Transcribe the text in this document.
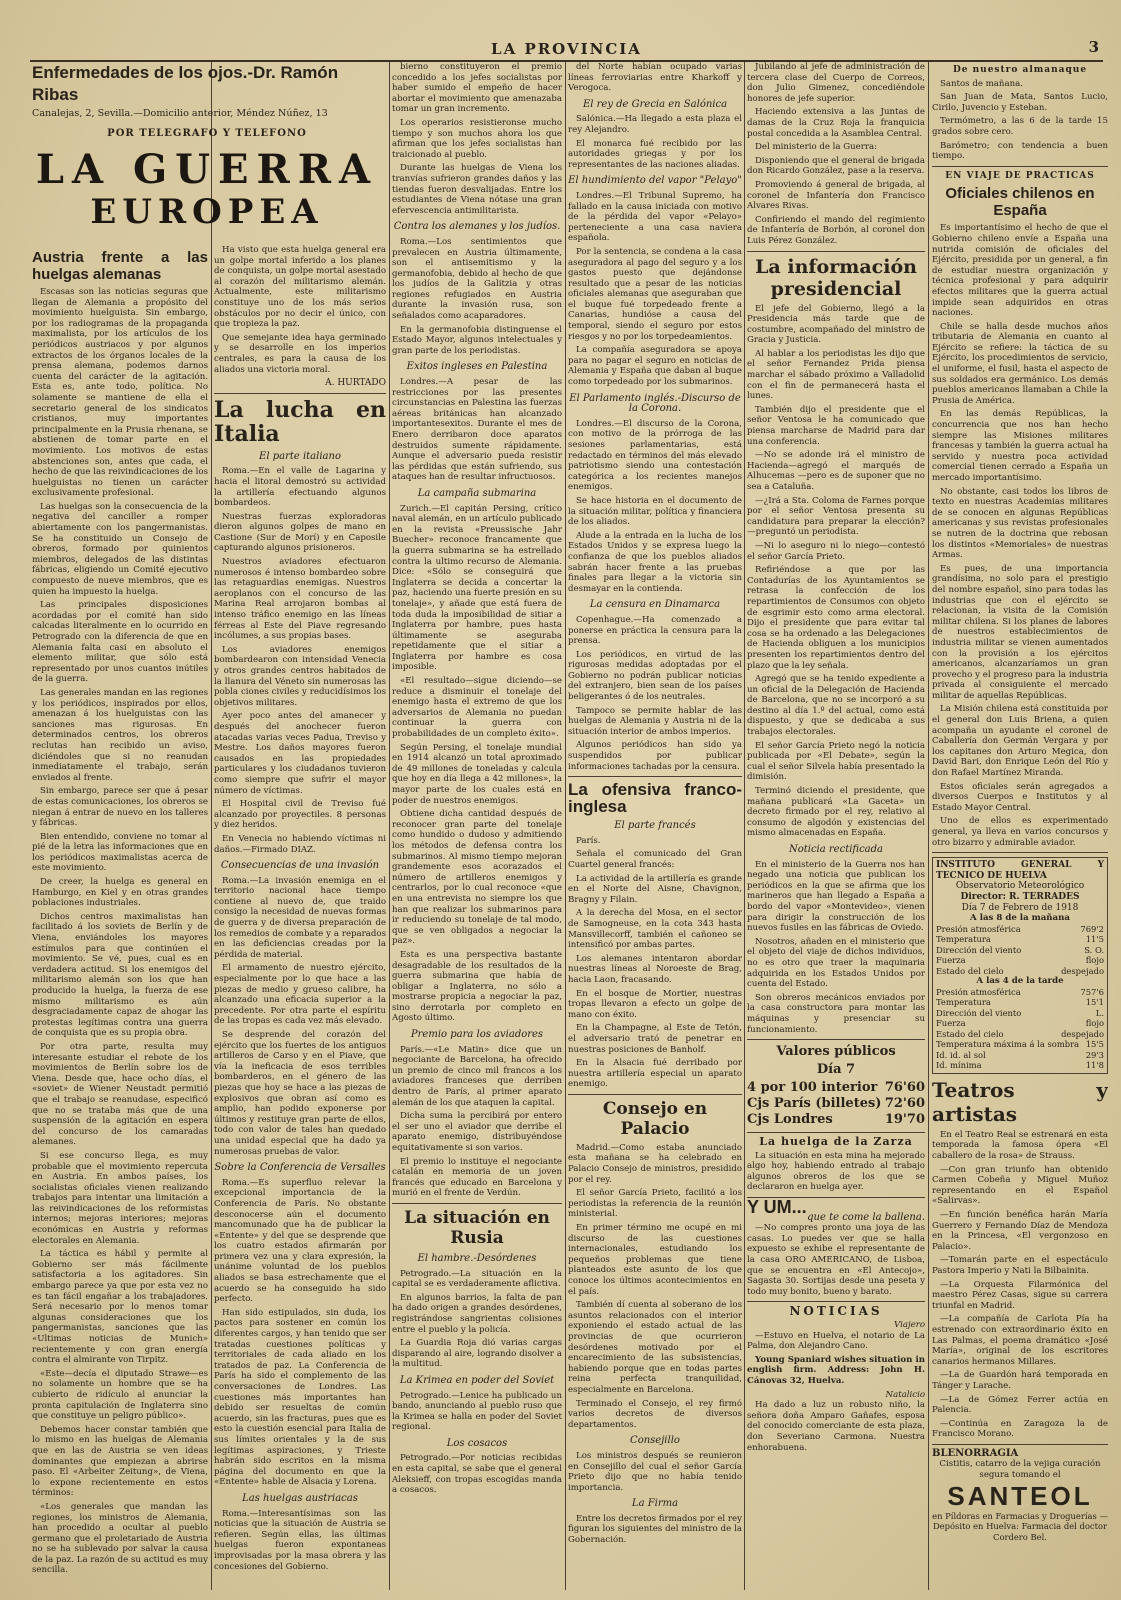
LA PROVINCIA	3
Enfermedades de los ojos.-Dr. Ramón Ribas
Canalejas, 2, Sevilla.—Domicilio anterior, Méndez Núñez, 13
POR TELEGRAFO Y TELEFONO
LA GUERRA
EUROPEA
Austria frente a las huelgas alemanas

Escasas son las noticias seguras que llegan de Alemania a propósito del movimiento huelguista. Sin embargo, por los radiogramas de la propaganda maximalista, por los artículos de los periódicos austriacos y por algunos extractos de los órganos locales de la prensa alemana, podemos darnos cuenta del carácter de la agitación. Esta es, ante todo, política. No solamente se mantiene de ella el secretario general de los sindicatos cristianos, muy importantes principalmente en la Prusia rhenana, se abstienen de tomar parte en el movimiento. Los motivos de estas abstenciones son, antes que cada, el hecho de que las reivindicaciones de los huelguistas no tienen un carácter exclusivamente profesional.

Las huelgas son la consecuencia de la negativa del canciller a romper abiertamente con los pangermanistas. Se ha constituido un Consejo de obreros, formado por quinientos miembros, delegados de las distintas fábricas, eligiendo un Comité ejecutivo compuesto de nueve miembros, que es quien ha impuesto la huelga.

Las principales disposiciones acordadas por el comité han sido calcadas literalmente en lo ocurrido en Petrogrado con la diferencia de que en Alemania falta casi en absoluto el elemento militar, que sólo está representado por unos cuantos inútiles de la guerra.

Las generales mandan en las regiones y los periódicos, inspirados por ellos, amenazan á los huelguistas con las sanciones mas rigurosas. En determinados centros, los obreros reclutas han recibido un aviso, diciéndoles que si no reanudan inmediatamente el trabajo, serán enviados al frente.

Sin embargo, parece ser que á pesar de estas comunicaciones, los obreros se niegan á entrar de nuevo en los talleres y fábricas.

Bien entendido, conviene no tomar al pié de la letra las informaciones que en los periódicos maximalistas acerca de este movimiento.

De creer, la huelga es general en Hamburgo, en Kiel y en otras grandes poblaciones industriales.

Dichos centros maximalistas han facilitado á los soviets de Berlín y de Viena, enviándoles los mayores estímulos para que continúen el movimiento. Se vé, pues, cual es en verdadera actitud. Si los enemigos del militarismo alemán son los que han producido la huelga, la fuerza de ese mismo militarismo es aún desgraciadamente capaz de ahogar las protestas legítimas contra una guerra de conquista que es su propia obra.

Por otra parte, resulta muy interesante estudiar el rebote de los movimientos de Berlín sobre los de Viena. Desde que, hace ocho días, el «soviet» de Wiener Neustadt permitió que el trabajo se reanudase, especificó que no se trataba más que de una suspensión de la agitación en espera del concurso de los camaradas alemanes.

Si ese concurso llega, es muy probable que el movimiento repercuta en Austria. En ambos países, los socialistas oficiales vienen realizando trabajos para intentar una limitación a las reivindicaciones de los reformistas internos; mejoras interiores; mejoras económicas en Austria y reformas electorales en Alemania.

La táctica es hábil y permite al Gobierno ser más fácilmente satisfactoria a los agitadores. Sin embargo parece ya que por esta vez no es tan fácil engañar a los trabajadores. Será necesario por lo menos tomar algunas consideraciones que los pangermanistas, sanciones que las «Ultimas noticias de Munich» recientemente y con gran energía contra el almirante von Tirpitz.

«Este—decía el diputado Strawe—es no solamente un hombre que se ha cubierto de ridículo al anunciar la pronta capitulación de Inglaterra sino que constituye un peligro público».

Debemos hacer constar también que lo mismo en las huelgas de Alemania que en las de Austria se ven ideas dominantes que empiezan a abrirse paso. El «Arbeiter Zeitung», de Viena, lo expone recientemente en estos términos:

«Los generales que mandan las regiones, los ministros de Alemania, han procedido a ocultar al pueblo germano que el proletariado de Austria no se ha sublevado por salvar la causa de la paz. La razón de su actitud es muy sencilla.

Ha visto que esta huelga general era un golpe mortal inferido a los planes de conquista, un golpe mortal asestado al corazón del militarismo alemán. Actualmente, este militarismo constituye uno de los más serios obstáculos por no decir el único, con que tropieza la paz.

Que semejante idea haya germinado y se desarrolle en los imperios centrales, es para la causa de los aliados una victoria moral.

A. HURTADO
La lucha en Italia
El parte italiano

Roma.—En el valle de Lagarina y hacia el litoral demostró su actividad la artillería efectuando algunos bombardeos.

Nuestras fuerzas exploradoras dieron algunos golpes de mano en Castione (Sur de Morí) y en Caposile capturando algunos prisioneros.

Nuestros aviadores efectuaron numerosos é intenso bombardeo sobre las retaguardias enemigas. Nuestros aeroplanos con el concurso de las Marina Real arrojaron bombas al intenso tráfico enemigo en las líneas férreas al Este del Piave regresando incólumes, a sus propias bases.

Los aviadores enemigos bombardearon con intensidad Venecia y otros grandes centros habitados de la llanura del Véneto sin numerosas las pobla ciones civiles y reducidísimos los objetivos militares.

Ayer poco antes del amanecer y después del anochecer fueron atacadas varias veces Padua, Treviso y Mestre. Los daños mayores fueron causados en las propiedades particulares y los ciudadanos tuvieron como siempre que sufrir el mayor número de víctimas.

El Hospital civil de Treviso fué alcanzado por proyectiles. 8 personas y diez heridos.

En Venecia no habiendo víctimas ni daños.—Firmado DIAZ.

Consecuencias de una invasión

Roma.—La invasión enemiga en el territorio nacional hace tiempo contiene al nuevo de, que traido consigo la necesidad de nuevas formas de guerra y de diversa preparación de los remedios de combate y a reparados en las deficiencias creadas por la pérdida de material.

El armamento de nuestro ejército, especialmente por lo que hace a las piezas de medio y grueso calibre, ha alcanzado una eficacia superior a la precedente. Por otra parte el espíritu de las tropas es cada vez más elevado.

Se desprende del corazón del ejército que los fuertes de los antiguos artilleros de Carso y en el Piave, que vía la ineficacia de esos terribles bombarderos, en el género de las piezas que hoy se hace a las piezas de explosivos que obran así como es amplio, han podido exponerse por últimos y restituye gran parte de ellos, todo con valor de tales han quedado una unidad especial que ha dado ya numerosas pruebas de valor.

Sobre la Conferencia de Versalles

Roma.—Es superfluo relevar la excepcional importancia de la Conferencia de París. No obstante desconocerse aún el documento mancomunado que ha de publicar la «Entente» y del que se desprende que los cuatro estados afirmarán por primera vez una y clara expresión, la unánime voluntad de los pueblos aliados se basa estrechamente que el acuerdo se ha conseguido ha sido perfecto.

Han sido estipulados, sin duda, los pactos para sostener en común los diferentes cargos, y han tenido que ser tratadas cuestiones políticas y territoriales de cada aliado en los tratados de paz. La Conferencia de París ha sido el complemento de las conversaciones de Londres. Las cuestiones más importantes han debido ser resueltas de común acuerdo, sin las fracturas, pues que es esto la cuestión esencial para Italia de sus límites orientales y la de sus legítimas aspiraciones, y Trieste habrán sido escritos en la misma página del documento en que la «Entente» hable de Alsacia y Lorena.

Las huelgas austriacas

Roma.—Interesantísimas son las noticias que la situación de Austria se refieren. Según ellas, las últimas huelgas fueron expontaneas improvisadas por la masa obrera y las concesiones del Gobierno.

bierno constituyeron el premio concedido a los jefes socialistas por haber sumido el empeño de hacer abortar el movimiento que amenazaba tomar un gran incremento.

Los operarios resistieronse mucho tiempo y son muchos ahora los que afirman que los jefes socialistas han traicionado al pueblo.

Durante las huelgas de Viena los tranvías sufrieron grandes daños y las tiendas fueron desvalijadas. Entre los estudiantes de Viena nótase una gran efervescencia antimilitarista.

Contra los alemanes y los judíos.

Roma.—Los sentimientos que prevalecen en Austria últimamente, son el antisemitismo y la germanofobia, debido al hecho de que los judíos de la Galitzia y otras regiones refugiados en Austria durante la invasión rusa, son señalados como acaparadores.

En la germanofobia distinguense el Estado Mayor, algunos intelectuales y gran parte de los periodistas.

Exitos ingleses en Palestina

Londres.—A pesar de las restricciones por las presentes circunstancias en Palestina las fuerzas aéreas británicas han alcanzado importantesexitos. Durante el mes de Enero derribaron doce aparatos destruidos sumente rápidamente. Aunque el adversario pueda resistir las pérdidas que están sufriendo, sus ataques han de resultar infructuosos.

La campaña submarina

Zurich.—El capitán Persing, crítico naval alemán, en un artículo publicado en la revista «Preussische Jahr Buecher» reconoce francamente que la guerra submarina se ha estrellado contra la ultimo recurso de Alemania. Dice: «Sólo se conseguirá que Inglaterra se decida a concertar la paz, haciendo una fuerte presión en su tonelaje», y añade que está fuera de toda duda la imposibilidad de sitiar a Inglaterra por hambre, pues hasta últimamente se aseguraba repetidamente que el sitiar a Inglaterra por hambre es cosa imposible.

«El resultado—sigue diciendo—se reduce a disminuir el tonelaje del enemigo hasta el extremo de que los adversarios de Alemania no puedan continuar la guerra con probabilidades de un completo éxito».

Según Persing, el tonelaje mundial en 1914 alcanzó un total aproximado de 49 millones de toneladas y calcula que hoy en día llega a 42 millones», la mayor parte de los cuales está en poder de nuestros enemigos.

Obtiene dicha cantidad después de reconocer gran parte del tonelaje como hundido o dudoso y admitiendo los métodos de defensa contra los submarinos. Al mismo tiempo mejoran grandemente esos acorazados el número de artilleros enemigos y centrarlos, por lo cual reconoce «que en una entrevista no siempre los que han que realizar los submarinos para ir reduciendo su tonelaje de tal modo, que se ven obligados a negociar la paz».

Esta es una perspectiva bastante desagradable de los resultados de la guerra submarina que había de obligar a Inglaterra, no sólo a mostrarse propicia a negociar la paz, sino derrotarla por completo en Agosto último.

Premio para los aviadores

París.—«Le Matin» dice que un negociante de Barcelona, ha ofrecido un premio de cinco mil francos a los aviadores franceses que derriben dentro de París, al primer aparato alemán de los que ataquen la capital.

Dicha suma la percibirá por entero el ser uno el aviador que derribe el aparato enemigo, distribuyéndose equitativamente si son varios.

El premio lo instituye el negociante catalán en memoria de un joven francés que educado en Barcelona y murió en el frente de Verdún.

La situación en Rusia
El hambre.-Desórdenes

Petrogrado.—La situación en la capital se es verdaderamente aflictiva.

En algunos barrios, la falta de pan ha dado origen a grandes desórdenes, registrándose sangrientas colisiones entre el pueblo y la policía.

La Guardia Roja dió varias cargas disparando al aire, logrando disolver a la multitud.

La Krimea en poder del Soviet

Petrogrado.—Lenice ha publicado un bando, anunciando al pueblo ruso que la Krimea se halla en poder del Soviet regional.

Los cosacos

Petrogrado.—Por noticias recibidas en esta capital, se sabe que el general Aleksieff, con tropas escogidas manda a cosacos.

del Norte habían ocupado varias líneas ferroviarias entre Kharkoff y Verogoca.

El rey de Grecia en Salónica

Salónica.—Ha llegado a esta plaza el rey Alejandro.

El monarca fué recibido por las autoridades griegas y por los representantes de las naciones aliadas.

El hundimiento del vapor "Pelayo"

Londres.—El Tribunal Supremo, ha fallado en la causa iniciada con motivo de la pérdida del vapor «Pelayo» perteneciente a una casa naviera española.

Por la sentencia, se condena a la casa aseguradora al pago del seguro y a los gastos puesto que dejándonse resultado que a pesar de las noticias oficiales alemanas que aseguraban que el buque fué torpedeado frente a Canarias, hundióse a causa del temporal, siendo el seguro por estos riesgos y no por los torpedeamientos.

La compañía aseguradora se apoya para no pagar el seguro en noticias de Alemania y España que daban al buque como torpedeado por los submarinos.

El Parlamento inglés.-Discurso de la Corona.

Londres.—El discurso de la Corona, con motivo de la prórroga de las sesiones parlamentarias, está redactado en términos del más elevado patriotismo siendo una contestación categórica a los recientes manejos enemigos.

Se hace historia en el documento de la situación militar, política y financiera de los aliados.

Alude a la entrada en la lucha de los Estados Unidos y se expresa luego la confianza de que los pueblos aliados sabrán hacer frente a las pruebas finales para llegar a la victoria sin desmayar en la contienda.

La censura en Dinamarca

Copenhague.—Ha comenzado a ponerse en práctica la censura para la prensa.

Los periódicos, en virtud de las rigurosas medidas adoptadas por el Gobierno no podrán publicar noticias del extranjero, bien sean de los países beligerantes ó de los neutrales.

Tampoco se permite hablar de las huelgas de Alemania y Austria ni de la situación interior de ambos imperios.

Algunos periódicos han sido ya suspendidos por publicar informaciones tachadas por la censura.

La ofensiva franco-inglesa
El parte francés

París.

Señala el comunicado del Gran Cuartel general francés:

La actividad de la artillería es grande en el Norte del Aisne, Chavignon, Bragny y Filain.

A la derecha del Mosa, en el sector de Samogneuse, en la cota 343 hasta Mansvillecorff, también el cañoneo se intensificó por ambas partes.

Los alemanes intentaron abordar nuestras líneas al Noroeste de Brag, hacia Laon, fracasando.

En el bosque de Mortier, nuestras tropas llevaron a efecto un golpe de mano con éxito.

En la Champagne, al Este de Tetón, el adversario trató de penetrar en nuestras posiciones de Banholf.

En la Alsacia fué derribado por nuestra artillería especial un aparato enemigo.

Consejo en Palacio

Madrid.—Como estaba anunciado esta mañana se ha celebrado en Palacio Consejo de ministros, presidido por el rey.

El señor García Prieto, facilitó a los periodistas la referencia de la reunión ministerial.

En primer término me ocupé en mi discurso de las cuestiones internacionales, estudiando los pequeños problemas que tiene planteados este asunto de los que conoce los últimos acontecimientos en el país.

También dí cuenta al soberano de los asuntos relacionados con el interior exponiendo el estado actual de las provincias de que ocurrieron desórdenes motivado por el encarecimiento de las subsistencias, habiendo porque que en todas partes reina perfecta tranquilidad, especialmente en Barcelona.

Terminado el Consejo, el rey firmó varios decretos de diversos departamentos.

Consejillo

Los ministros después se reunieron en Consejillo del cual el señor García Prieto dijo que no había tenido importancia.

La Firma

Entre los decretos firmados por el rey figuran los siguientes del ministro de la Gobernación.

Jubilando al jefe de administración de tercera clase del Cuerpo de Correos, don Julio Gimenez, concediéndole honores de jefe superior.

Haciendo extensiva a las Juntas de damas de la Cruz Roja la franquicia postal concedida a la Asamblea Central.

Del ministerio de la Guerra:

Disponiendo que el general de brigada don Ricardo González, pase a la reserva.

Promoviendo á general de brigada, al coronel de Infantería don Francisco Alvares Rivas.

Confiriendo el mando del regimiento de Infantería de Borbón, al coronel don Luis Pérez González.

La información presidencial

El jefe del Gobierno, llegó a la Presidencia más tarde que de costumbre, acompañado del ministro de Gracia y Justicia.

Al hablar a los periodistas les dijo que el señor Fernandez Prida piensa marchar el sábado próximo a Valladolid con el fin de permanecerá hasta el lunes.

También dijo el presidente que el señor Ventosa le ha comunicado que piensa marcharse de Madrid para dar una conferencia.

—No se adonde irá el ministro de Hacienda—agregó el marqués de Alhucemas —pero es de suponer que no sea a Cataluña.

—¿Irá a Sta. Coloma de Farnes porque por el señor Ventosa presenta su candidatura para preparar la elección?—preguntó un periodista.

—Ni lo aseguro ni lo niego—contestó el señor García Prieto.

Refiriéndose a que por las Contadurías de los Ayuntamientos se retrasa la confección de los repartimientos de Consumos con objeto de esgrimir esto como arma electoral. Dijo el presidente que para evitar tal cosa se ha ordenado a las Delegaciones de Hacienda obliguen a los municipios presenten los repartimientos dentro del plazo que la ley señala.

Agregó que se ha tenido expediente a un oficial de la Delegación de Hacienda de Barcelona, que no se incorporó a su destino al día 1.º del actual, como está dispuesto, y que se dedicaba a sus trabajos electorales.

El señor García Prieto negó la noticia publicada por «El Debate», según la cual el señor Silvela había presentado la dimisión.

Terminó diciendo el presidente, que mañana publicará «La Gaceta» un decreto firmado por el rey, relativo al consumo de algodón y existencias del mismo almacenadas en España.

Noticia rectificada

En el ministerio de la Guerra nos han negado una noticia que publican los periódicos en la que se afirma que los marineros que han llegado a España a bordo del vapor «Montevideo», vienen para dirigir la construcción de los nuevos fusiles en las fábricas de Oviedo.

Nosotros, añaden en el ministerio que el objeto del viaje de dichos individuos, no es otro que traer la maquinaria adquirida en los Estados Unidos por cuenta del Estado.

Son obreros mecánicos enviados por la casa constructora para montar las máquinas y presenciar su funcionamiento.

Valores públicos
Día 7
4 por 100 interior 76'60
Cjs París (billetes) 72'60
Cjs Londres	19'70
La huelga de la Zarza

La situación en esta mina ha mejorado algo hoy, habiendo entrado al trabajo algunos obreros de los que se declararon en huelga ayer.

Y UM...
que te come la ballena.

—No compres pronto una joya de las casas. Lo puedes ver que se halla expuesto se exhibe el representante de la casa ORO AMERICANO, de Lisboa, que se encuentra en «El Antecojo», Sagasta 30. Sortijas desde una peseta y todo muy bonito, bueno y barato.

NOTICIAS
Viajero

—Estuvo en Huelva, el notario de La Palma, don Alejandro Cano.

Young Spaniard wishes situation in english firm. Address: John H. Cánovas 32, Huelva.

Natalicio

Ha dado a luz un robusto niño, la señora doña Amparo Gañafes, esposa del conocido comerciante de esta plaza, don Severiano Carmona. Nuestra enhorabuena.

De nuestro almanaque

Santos de mañana.

San Juan de Mata, Santos Lucio, Cirilo, Juvencio y Esteban.

Termómetro, a las 6 de la tarde 15 grados sobre cero.

Barómetro; con tendencia a buen tiempo.

EN VIAJE DE PRACTICAS
Oficiales chilenos en España

Es importantísimo el hecho de que el Gobierno chileno envíe a España una nutrida comisión de oficiales del Ejército, presidida por un general, a fin de estudiar nuestra organización y técnica profesional y para adquirir efectos militares que la guerra actual impide sean adquiridos en otras naciones.

Chile se halla desde muchos años tributaria de Alemania en cuanto al Ejército se refiere: la táctica de su Ejército, los procedimientos de servicio, el uniforme, el fusil, hasta el aspecto de sus soldados era germánico. Los demás pueblos americanos llamaban a Chile la Prusia de América.

En las demás Repúblicas, la concurrencia que nos han hecho siempre las Misiones militares francesas y también la guerra actual ha servido y nuestra poca actividad comercial tienen cerrado a España un mercado importantísimo.

No obstante, casi todos los libros de texto en nuestras Academias militares de se conocen en algunas Repúblicas americanas y sus revistas profesionales se nutren de la doctrina que rebosan los distintos «Memoriales» de nuestras Armas.

Es pues, de una importancia grandísima, no solo para el prestigio del nombre español, sino para todas las industrias que con el ejército se relacionan, la visita de la Comisión militar chilena. Si los planes de labores de nuestros establecimientos de industria militar se vienen aumentados con la provisión a los ejércitos americanos, alcanzaríamos un gran provecho y el progreso para la industria privada al consiguiente el mercado militar de aquellas Repúblicas.

La Misión chilena está constituida por el general don Luis Briena, a quien acompaña un ayudante el coronel de Caballería don Germán Vergara y por los capitanes don Arturo Megica, don David Bari, don Enrique León del Río y don Rafael Martínez Miranda.

Estos oficiales serán agregados a diversos Cuerpos e Institutos y al Estado Mayor Central.

Uno de ellos es experimentado general, ya lleva en varios concursos y otro bizarro y admirable aviador.

INSTITUTO GENERAL Y TECNICO DE HUELVA
Observatorio Meteorológico
Director: R. TERRADES
Día 7 de Febrero de 1918
A las 8 de la mañana
Presión atmosférica	769'2
Temperatura	11'5
Dirección del viento	S. O.
Fuerza	flojo
Estado del cielo	despejado
A las 4 de la tarde
Presión atmosférica	757'6
Temperatura	15'1
Dirección del viento	L.
Fuerza	flojo
Estado del cielo	despejado
Temperatura máxima á la sombra 15'5
Id. id. al sol	29'3
Id. mínima	11'8
Teatros y artistas

En el Teatro Real se estrenará en esta temporada la famosa ópera «El caballero de la rosa» de Strauss.

—Con gran triunfo han obtenido Carmen Cobeña y Miguel Muñoz representando en el Español «Salirvas».

—En función benéfica harán María Guerrero y Fernando Díaz de Mendoza en la Princesa, «El vergonzoso en Palacio».

—Tomarán parte en el espectáculo Pastora Imperio y Nati la Bilbainita.

—La Orquesta Filarmónica del maestro Pérez Casas, sigue su carrera triunfal en Madrid.

—La compañía de Carlota Pía ha estrenado con extraordinario éxito en Las Palmas, el poema dramático «José María», original de los escritores canarios hermanos Millares.

—La de Guardón hará temporada en Tánger y Larache.

—La de Gómez Ferrer actúa en Palencia.

—Continúa en Zaragoza la de Francisco Morano.

BLENORRAGIA
Cistitis, catarro de la vejiga curación segura tomando el
SANTEOL
en Píldoras en Farmacias y Droguerías — Depósito en Huelva: Farmacia del doctor Cordero Bel.
